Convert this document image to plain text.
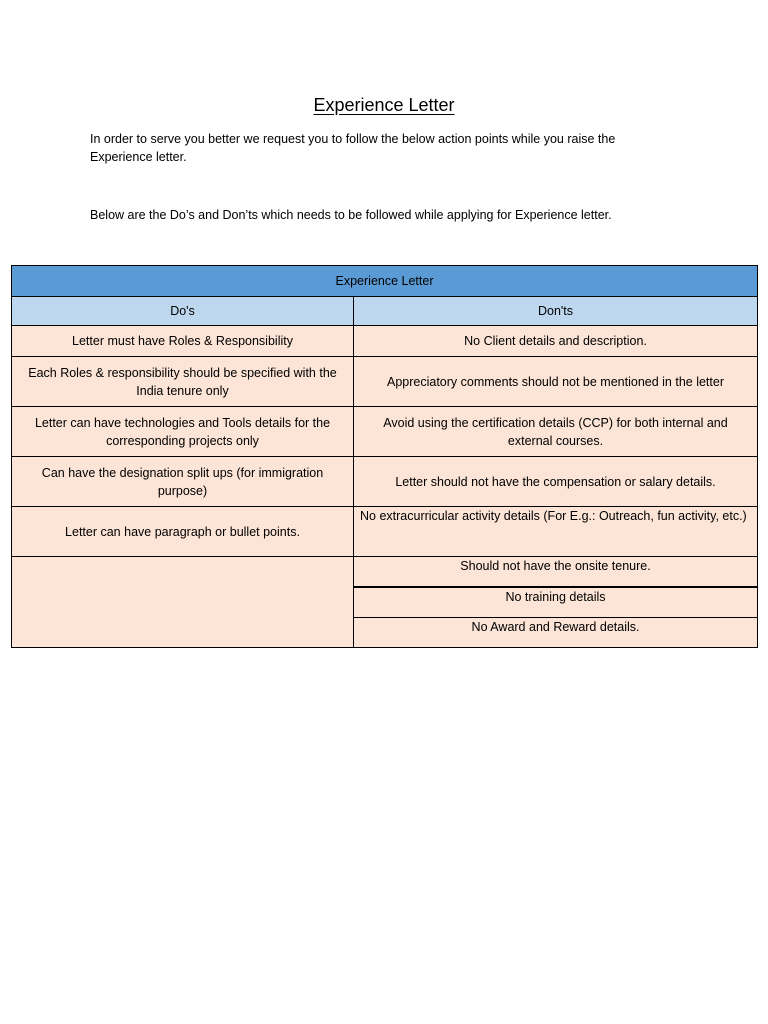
Experience Letter
In order to serve you better we request you to follow the below action points while you raise the Experience letter.
Below are the Do’s and Don’ts which needs to be followed while applying for Experience letter.
Experience Letter	
Do's	Don'ts
Letter must have Roles & Responsibility	No Client details and description.
Each Roles & responsibility should be specified with the India tenure only	Appreciatory comments should not be mentioned in the letter
Letter can have technologies and Tools details for the corresponding projects only	Avoid using the certification details (CCP) for both internal and external courses.
Can have the designation split ups (for immigration purpose)	Letter should not have the compensation or salary details.
Letter can have paragraph or bullet points.	No extracurricular activity details (For E.g.: Outreach, fun activity, etc.)
	Should not have the onsite tenure.
	No training details
	No Award and Reward details.
